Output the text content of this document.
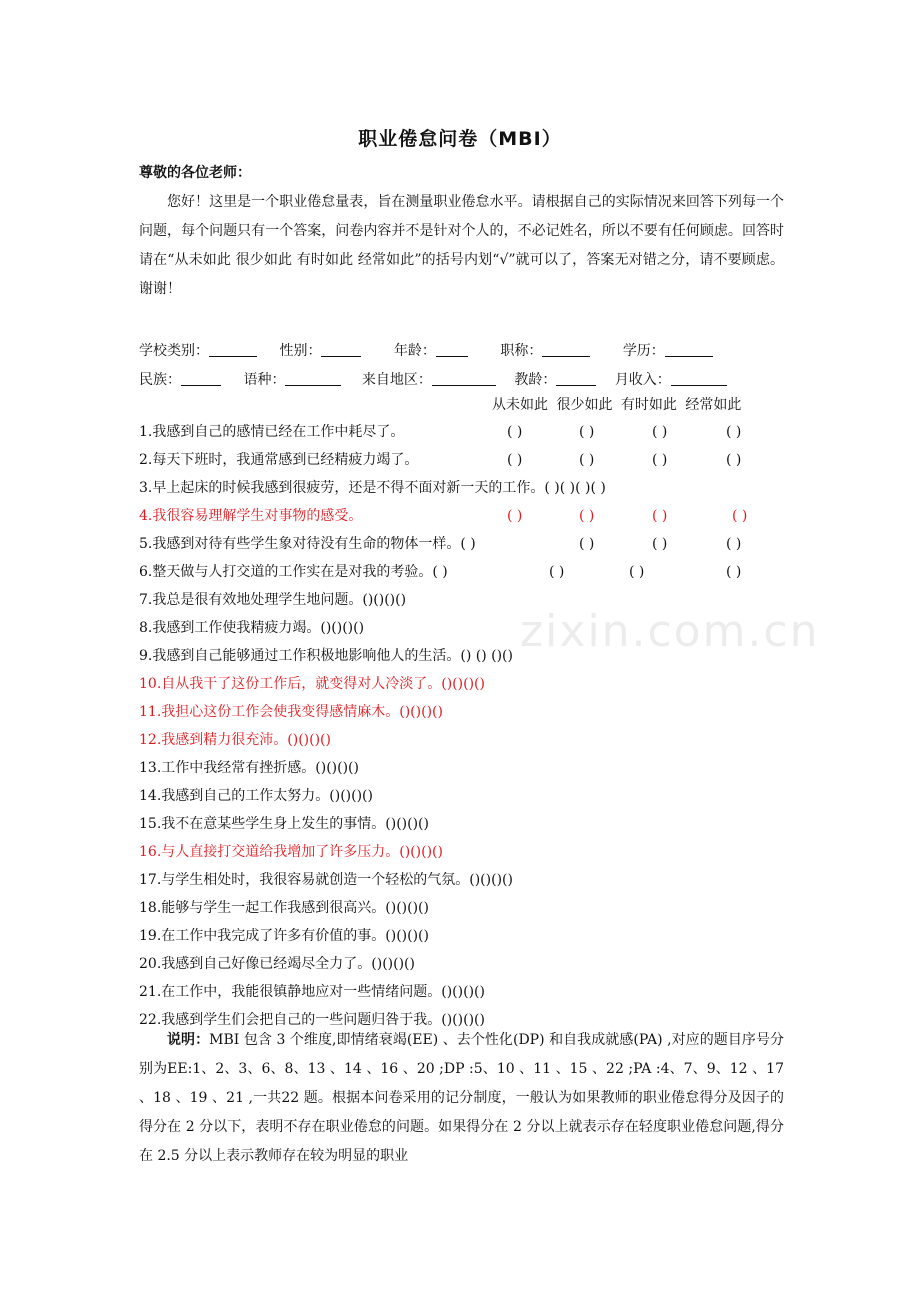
zixin.com.cn
职业倦怠问卷（MBI）
尊敬的各位老师：
您好！这里是一个职业倦怠量表，旨在测量职业倦怠水平。请根据自己的实际情况来回答下列每一个问题，每个问题只有一个答案，问卷内容并不是针对个人的，不必记姓名，所以不要有任何顾虑。回答时请在“从未如此 很少如此 有时如此 经常如此”的括号内划“√”就可以了，答案无对错之分，请不要顾虑。谢谢！
学校类别：	性别：	年龄：	职称：	学历：
民族：	语种：	来自地区：	教龄：	月收入：
从未如此 很少如此 有时如此 经常如此
1.我感到自己的感情已经在工作中耗尽了。	( )	( )	( )	( )
2.每天下班时，我通常感到已经精疲力竭了。	( )	( )	( )	( )
3.早上起床的时候我感到很疲劳，还是不得不面对新一天的工作。( )( )( )( )
4.我很容易理解学生对事物的感受。	( )	( )	( )	( )
5.我感到对待有些学生象对待没有生命的物体一样。( )	( )	( )	( )
6.整天做与人打交道的工作实在是对我的考验。( )	( )	( )	( )
7.我总是很有效地处理学生地问题。()()()()
8.我感到工作使我精疲力竭。()()()()
9.我感到自己能够通过工作积极地影响他人的生活。() () ()()
10.自从我干了这份工作后，就变得对人冷淡了。()()()()
11.我担心这份工作会使我变得感情麻木。()()()()
12.我感到精力很充沛。()()()()
13.工作中我经常有挫折感。()()()()
14.我感到自己的工作太努力。()()()()
15.我不在意某些学生身上发生的事情。()()()()
16.与人直接打交道给我增加了许多压力。()()()()
17.与学生相处时，我很容易就创造一个轻松的气氛。()()()()
18.能够与学生一起工作我感到很高兴。()()()()
19.在工作中我完成了许多有价值的事。()()()()
20.我感到自己好像已经竭尽全力了。()()()()
21.在工作中，我能很镇静地应对一些情绪问题。()()()()
22.我感到学生们会把自己的一些问题归咎于我。()()()()
说明：MBI 包含 3 个维度,即情绪衰竭(EE) 、去个性化(DP) 和自我成就感(PA) ,对应的题目序号分别为EE:1、2、3、6、8、13 、14 、16 、20 ;DP :5、10 、11 、15 、22 ;PA :4、7、9、12 、17 、18 、19 、21 ,一共22 题。根据本问卷采用的记分制度，一般认为如果教师的职业倦怠得分及因子的得分在 2 分以下，表明不存在职业倦怠的问题。如果得分在 2 分以上就表示存在轻度职业倦怠问题,得分在 2.5 分以上表示教师存在较为明显的职业
